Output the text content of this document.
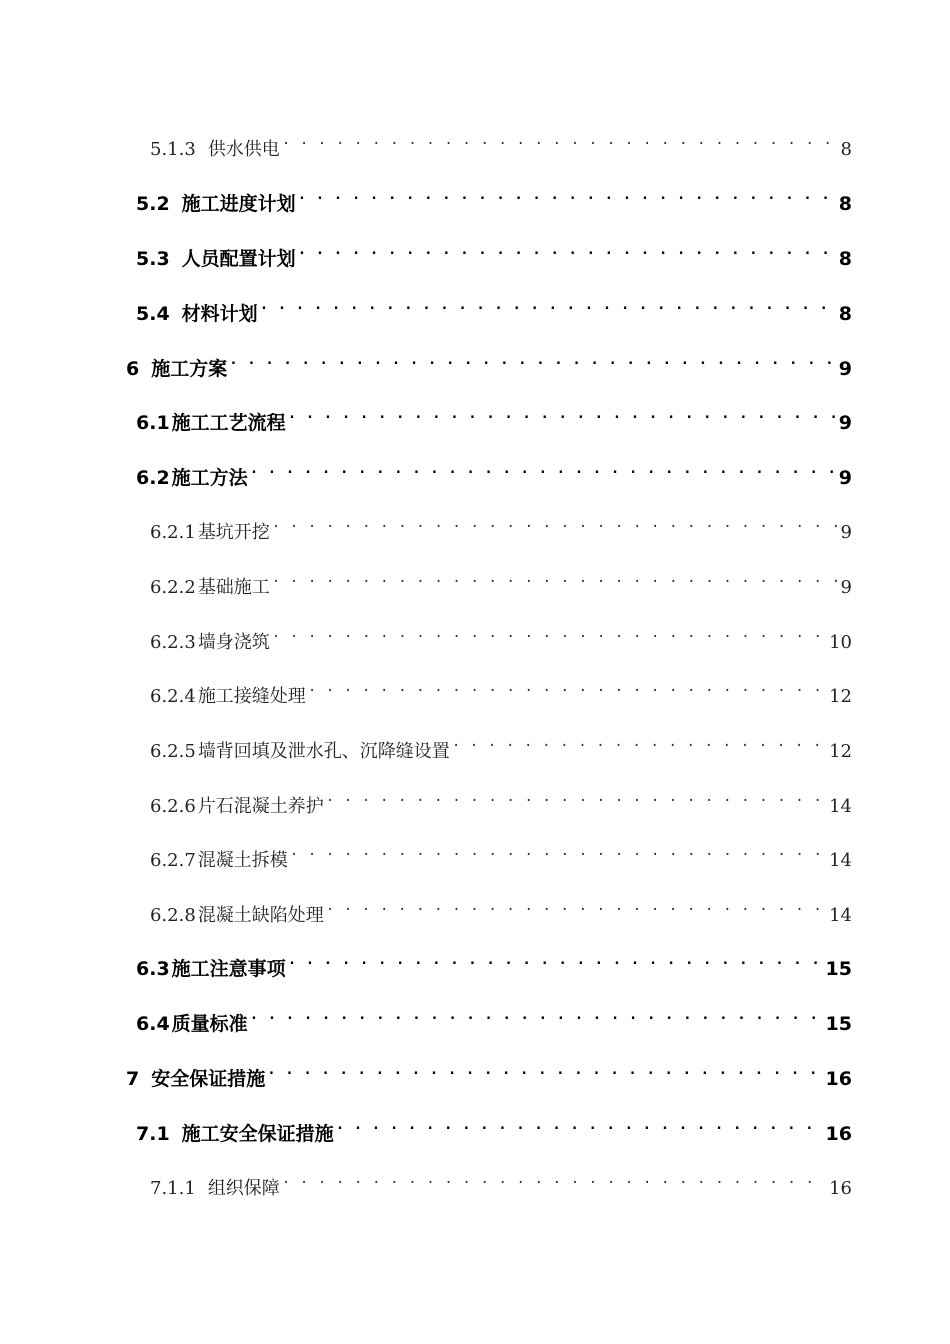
5.1.3 供水供电 . . .	8
5.2 施工进度计划 . . .	8
5.3 人员配置计划 . . .	8
5.4 材料计划 . . .	8
6 施工方案 . . .	9
6.1 施工工艺流程 . . .	9
6.2 施工方法 . . .	9
6.2.1 基坑开挖 . . .	9
6.2.2 基础施工 . . .	9
6.2.3 墙身浇筑 . . .	10
6.2.4 施工接缝处理 . . .	12
6.2.5 墙背回填及泄水孔、沉降缝设置 . . .	12
6.2.6 片石混凝土养护 . . .	14
6.2.7 混凝土拆模 . . .	14
6.2.8 混凝土缺陷处理 . . .	14
6.3 施工注意事项 . . .	15
6.4 质量标准 . . .	15
7 安全保证措施 . . .	16
7.1 施工安全保证措施 . . .	16
7.1.1 组织保障 . . .	16
